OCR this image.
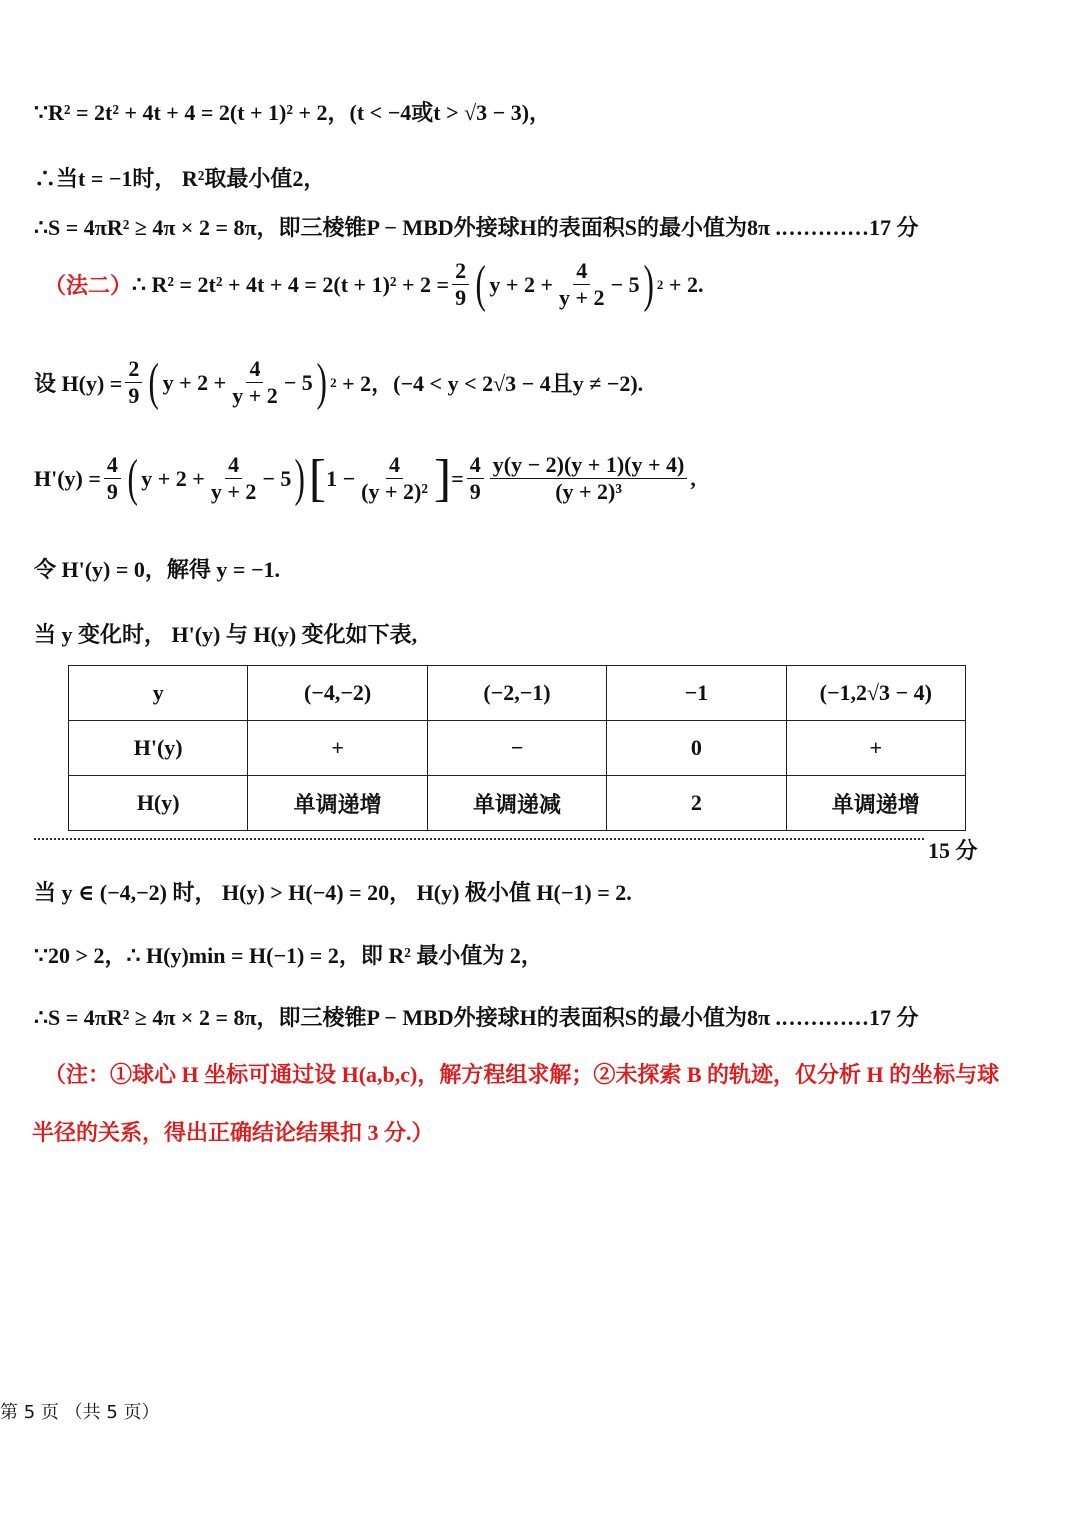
∵R² = 2t² + 4t + 4 = 2(t + 1)² + 2，(t < −4或t > √3 − 3)，
∴当t = −1时， R²取最小值2，
∴S = 4πR² ≥ 4π × 2 = 8π，即三棱锥P − MBD外接球H的表面积S的最小值为8π .…………17 分
（法二） ∴ $R^2 = 2t^2 + 4t + 4 = 2(t + 1)^2 + 2 = \frac{2}{9}$ ( $y + 2 + \frac{4}{y + 2} - 5$ ) 2
+ 2.
设 $H(y) = \frac{2}{9}$ ( $y + 2 + \frac{4}{y + 2} - 5$ ) 2
+ 2，(−4 < y < 2√3 − 4且y ≠ −2).
$H'(y) = \frac{4}{9}$ ( $y + 2 + \frac{4}{y + 2} - 5$ ) [ $1 - \frac{4}{\text{(y + 2)²}}$ ] = $\frac{4}{9} \frac{y(y - 2)(y + 1)(y + 4)}{\text{(y + 2)³}}$ ,
令 H'(y) = 0，解得 y = −1.
当 y 变化时， H'(y) 与 H(y) 变化如下表,
y	(−4,−2)	(−2,−1)	−1	(−1,2√3 − 4)
H'(y)	+	−	0	+
H(y)	单调递增	单调递减	2	单调递增
15 分
当 y ∈ (−4,−2) 时， H(y) > H(−4) = 20， H(y) 极小值 H(−1) = 2.
∵20 > 2，∴ H(y)min = H(−1) = 2，即 R² 最小值为 2，
∴S = 4πR² ≥ 4π × 2 = 8π，即三棱锥P − MBD外接球H的表面积S的最小值为8π .…………17 分
（注：①球心 H 坐标可通过设 H(a,b,c)，解方程组求解；②未探索 B 的轨迹，仅分析 H 的坐标与球
半径的关系，得出正确结论结果扣 3 分.）
第 5 页 （共 5 页）
